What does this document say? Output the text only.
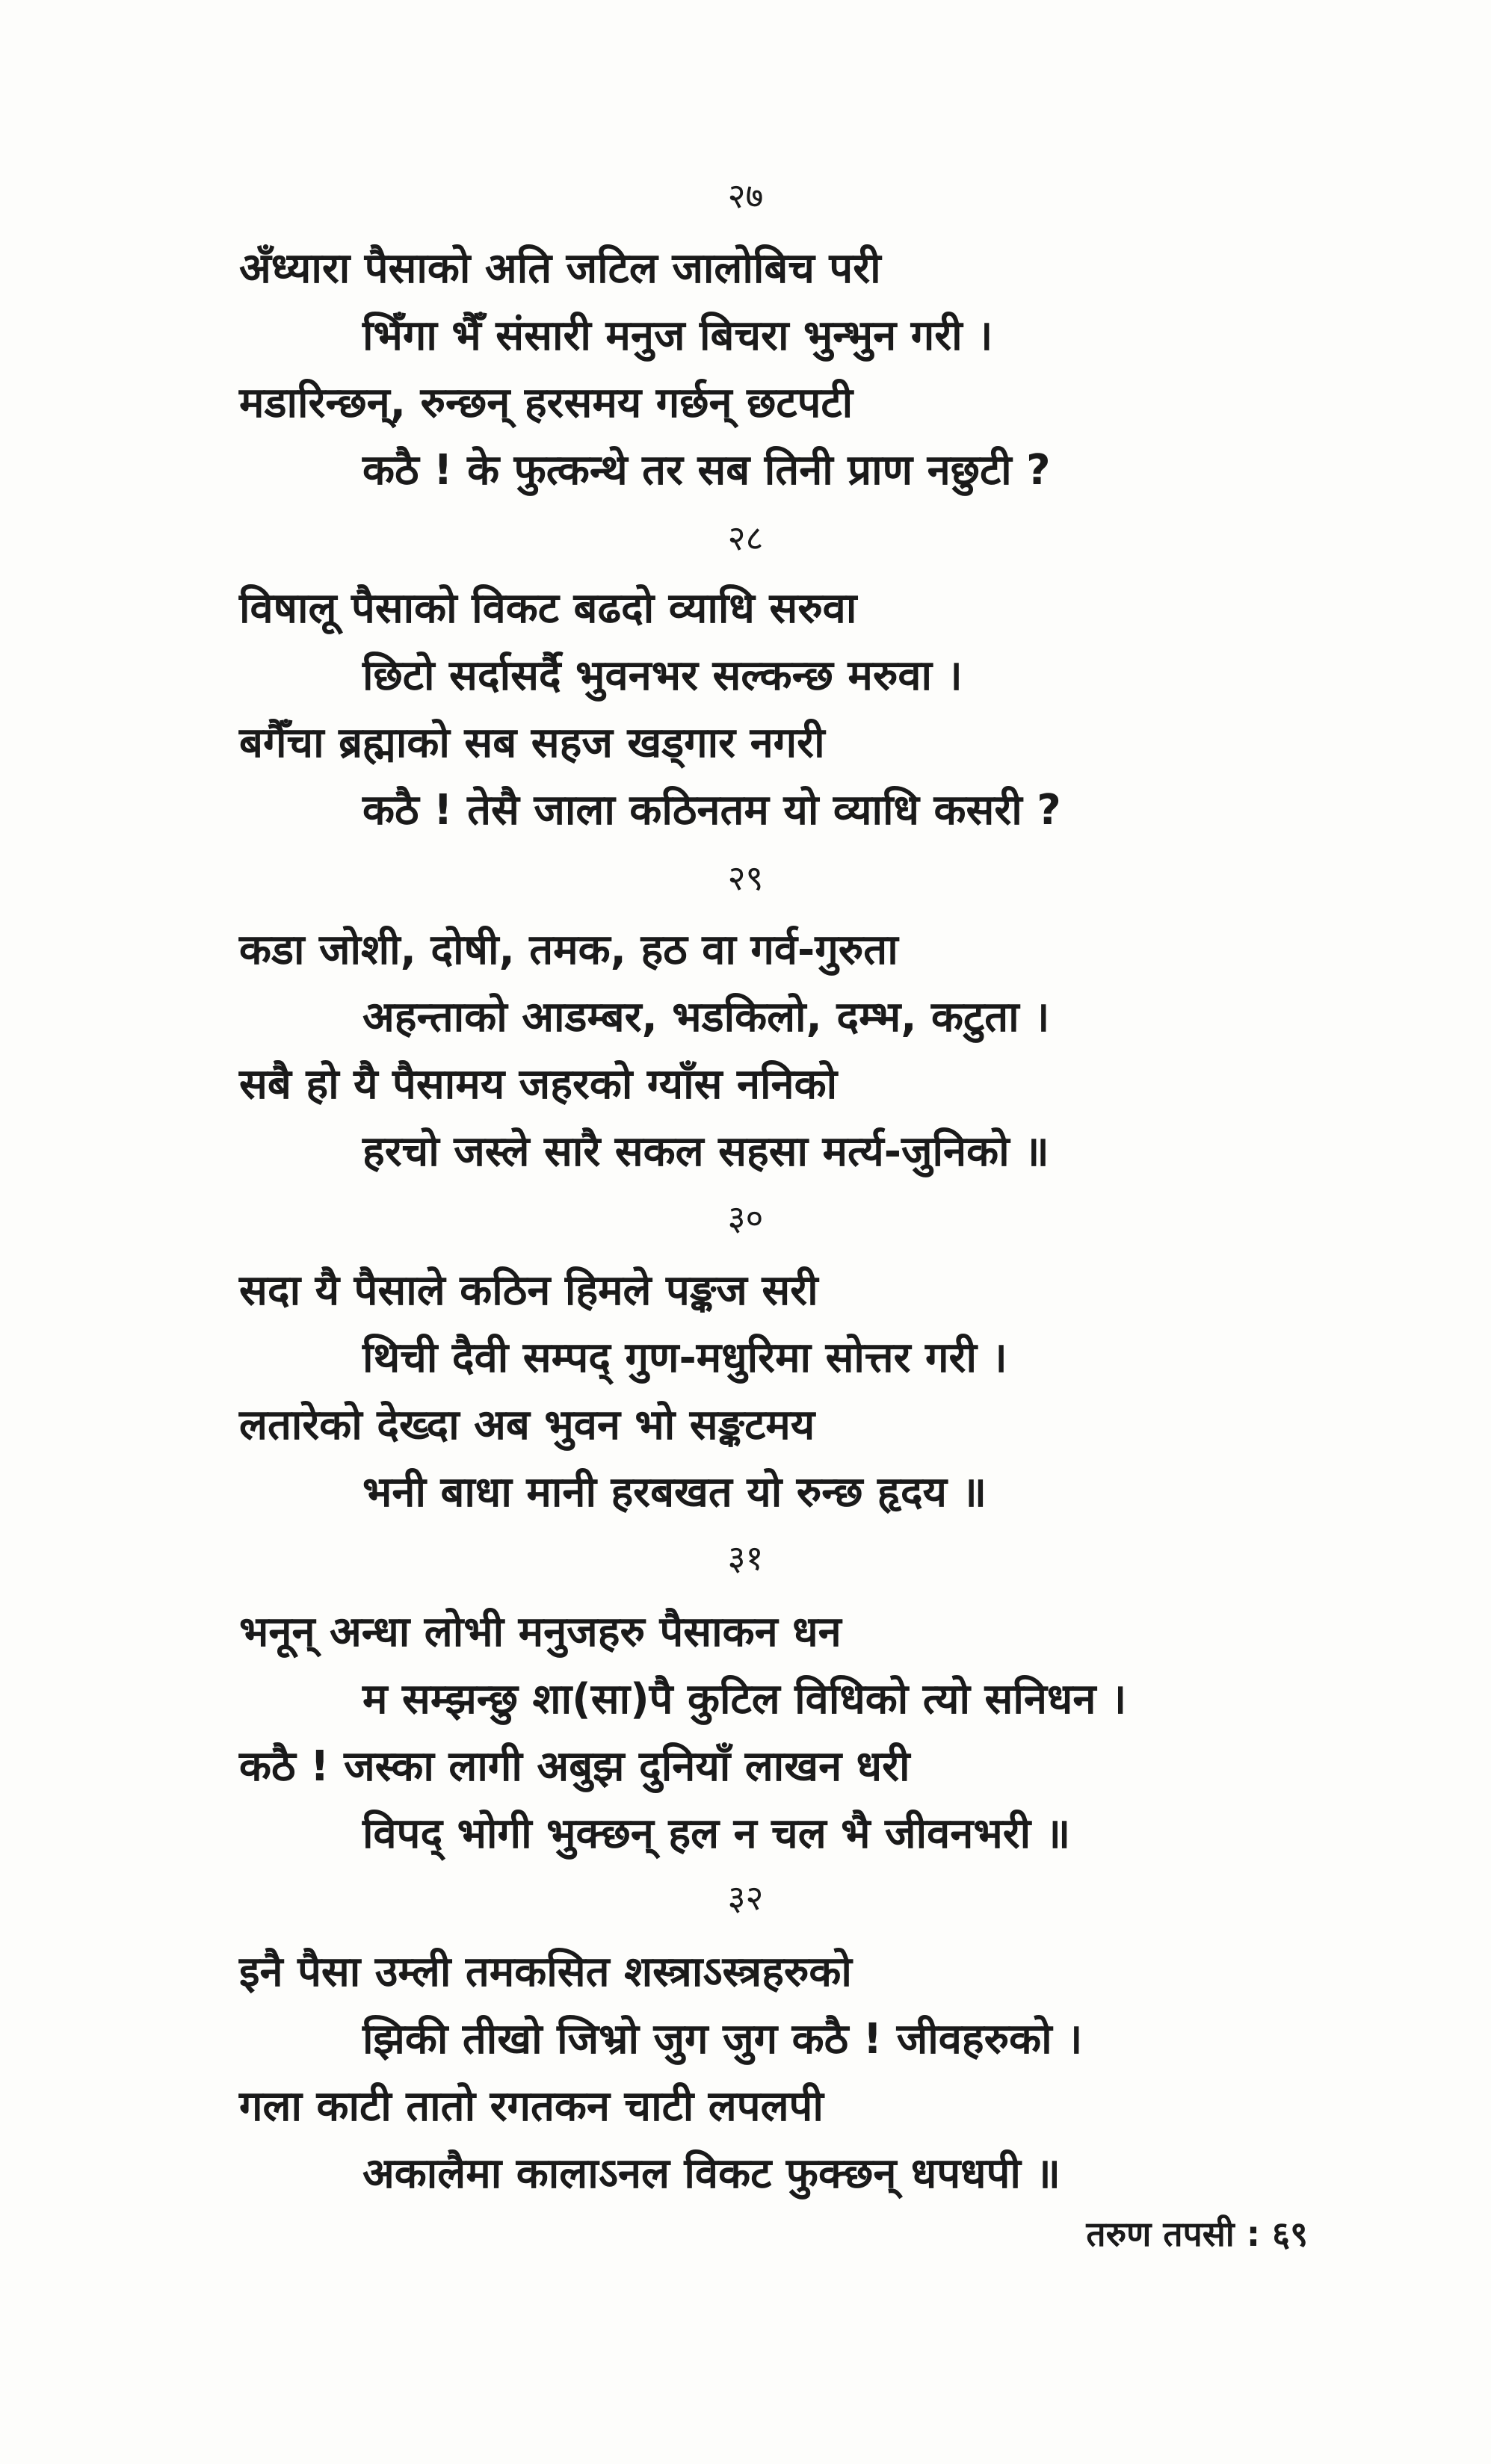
२७
अँध्यारा पैसाको अति जटिल जालोबिच परी
भिँगा भैँ संसारी मनुज बिचरा भुन्भुन गरी ।
मडारिन्छन्, रुन्छन् हरसमय गर्छन् छटपटी
कठै ! के फुत्कन्थे तर सब तिनी प्राण नछुटी ?
२८
विषालू पैसाको विकट बढदो व्याधि सरुवा
छिटो सर्दासर्दै भुवनभर सल्कन्छ मरुवा ।
बगैँचा ब्रह्माको सब सहज खड्गार नगरी
कठै ! तेसै जाला कठिनतम यो व्याधि कसरी ?
२९
कडा जोशी, दोषी, तमक, हठ वा गर्व-गुरुता
अहन्ताको आडम्बर, भडकिलो, दम्भ, कटुता ।
सबै हो यै पैसामय जहरको ग्याँस ननिको
हरचो जस्ले सारै सकल सहसा मर्त्य-जुनिको ॥
३०
सदा यै पैसाले कठिन हिमले पङ्कज सरी
थिची दैवी सम्पद् गुण-मधुरिमा सोत्तर गरी ।
लतारेको देख्दा अब भुवन भो सङ्कटमय
भनी बाधा मानी हरबखत यो रुन्छ हृदय ॥
३१
भनून् अन्धा लोभी मनुजहरु पैसाकन धन
म सम्झन्छु शा(सा)पै कुटिल विधिको त्यो सनिधन ।
कठै ! जस्का लागी अबुझ दुनियाँ लाखन धरी
विपद् भोगी भुक्छन् हल न चल भै जीवनभरी ॥
३२
इनै पैसा उम्ली तमकसित शस्त्राऽस्त्रहरुको
झिकी तीखो जिभ्रो जुग जुग कठै ! जीवहरुको ।
गला काटी तातो रगतकन चाटी लपलपी
अकालैमा कालाऽनल विकट फुक्छन् धपधपी ॥
तरुण तपसी : ६९
